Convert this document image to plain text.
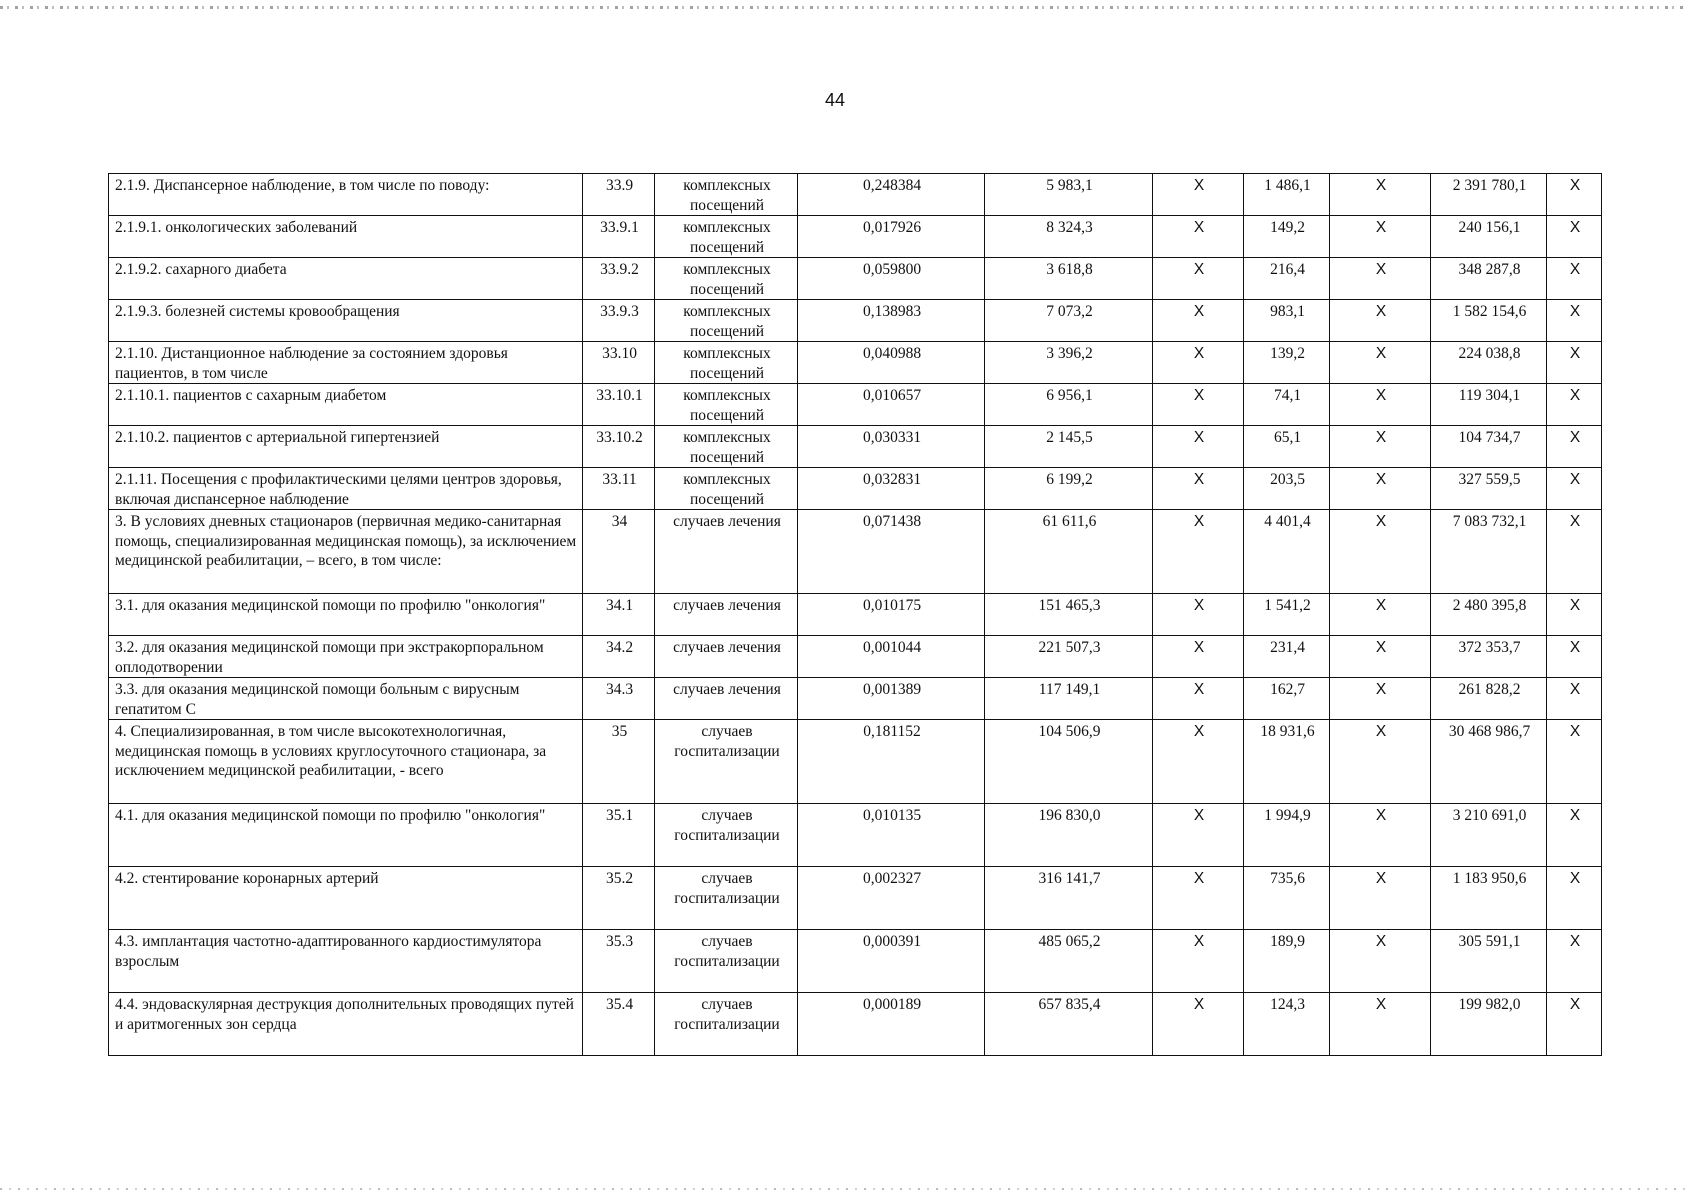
44
2.1.9. Диспансерное наблюдение, в том числе по поводу:	33.9	комплексных посещений	0,248384	5 983,1	X	1 486,1	X	2 391 780,1	X
2.1.9.1. онкологических заболеваний	33.9.1	комплексных посещений	0,017926	8 324,3	X	149,2	X	240 156,1	X
2.1.9.2. сахарного диабета	33.9.2	комплексных посещений	0,059800	3 618,8	X	216,4	X	348 287,8	X
2.1.9.3. болезней системы кровообращения	33.9.3	комплексных посещений	0,138983	7 073,2	X	983,1	X	1 582 154,6	X
2.1.10. Дистанционное наблюдение за состоянием здоровья пациентов, в том числе	33.10	комплексных посещений	0,040988	3 396,2	X	139,2	X	224 038,8	X
2.1.10.1. пациентов с сахарным диабетом	33.10.1	комплексных посещений	0,010657	6 956,1	X	74,1	X	119 304,1	X
2.1.10.2. пациентов с артериальной гипертензией	33.10.2	комплексных посещений	0,030331	2 145,5	X	65,1	X	104 734,7	X
2.1.11. Посещения с профилактическими целями центров здоровья, включая диспансерное наблюдение	33.11	комплексных посещений	0,032831	6 199,2	X	203,5	X	327 559,5	X
3. В условиях дневных стационаров (первичная медико-санитарная помощь, специализированная медицинская помощь), за исключением медицинской реабилитации, – всего, в том числе:	34	случаев лечения	0,071438	61 611,6	X	4 401,4	X	7 083 732,1	X
3.1. для оказания медицинской помощи по профилю "онкология"	34.1	случаев лечения	0,010175	151 465,3	X	1 541,2	X	2 480 395,8	X
3.2. для оказания медицинской помощи при экстракорпоральном оплодотворении	34.2	случаев лечения	0,001044	221 507,3	X	231,4	X	372 353,7	X
3.3. для оказания медицинской помощи больным с вирусным гепатитом С	34.3	случаев лечения	0,001389	117 149,1	X	162,7	X	261 828,2	X
4. Специализированная, в том числе высокотехнологичная, медицинская помощь в условиях круглосуточного стационара, за исключением медицинской реабилитации, - всего	35	случаев госпитализации	0,181152	104 506,9	X	18 931,6	X	30 468 986,7	X
4.1. для оказания медицинской помощи по профилю "онкология"	35.1	случаев госпитализации	0,010135	196 830,0	X	1 994,9	X	3 210 691,0	X
4.2. стентирование коронарных артерий	35.2	случаев госпитализации	0,002327	316 141,7	X	735,6	X	1 183 950,6	X
4.3. имплантация частотно-адаптированного кардиостимулятора взрослым	35.3	случаев госпитализации	0,000391	485 065,2	X	189,9	X	305 591,1	X
4.4. эндоваскулярная деструкция дополнительных проводящих путей и аритмогенных зон сердца	35.4	случаев госпитализации	0,000189	657 835,4	X	124,3	X	199 982,0	X
